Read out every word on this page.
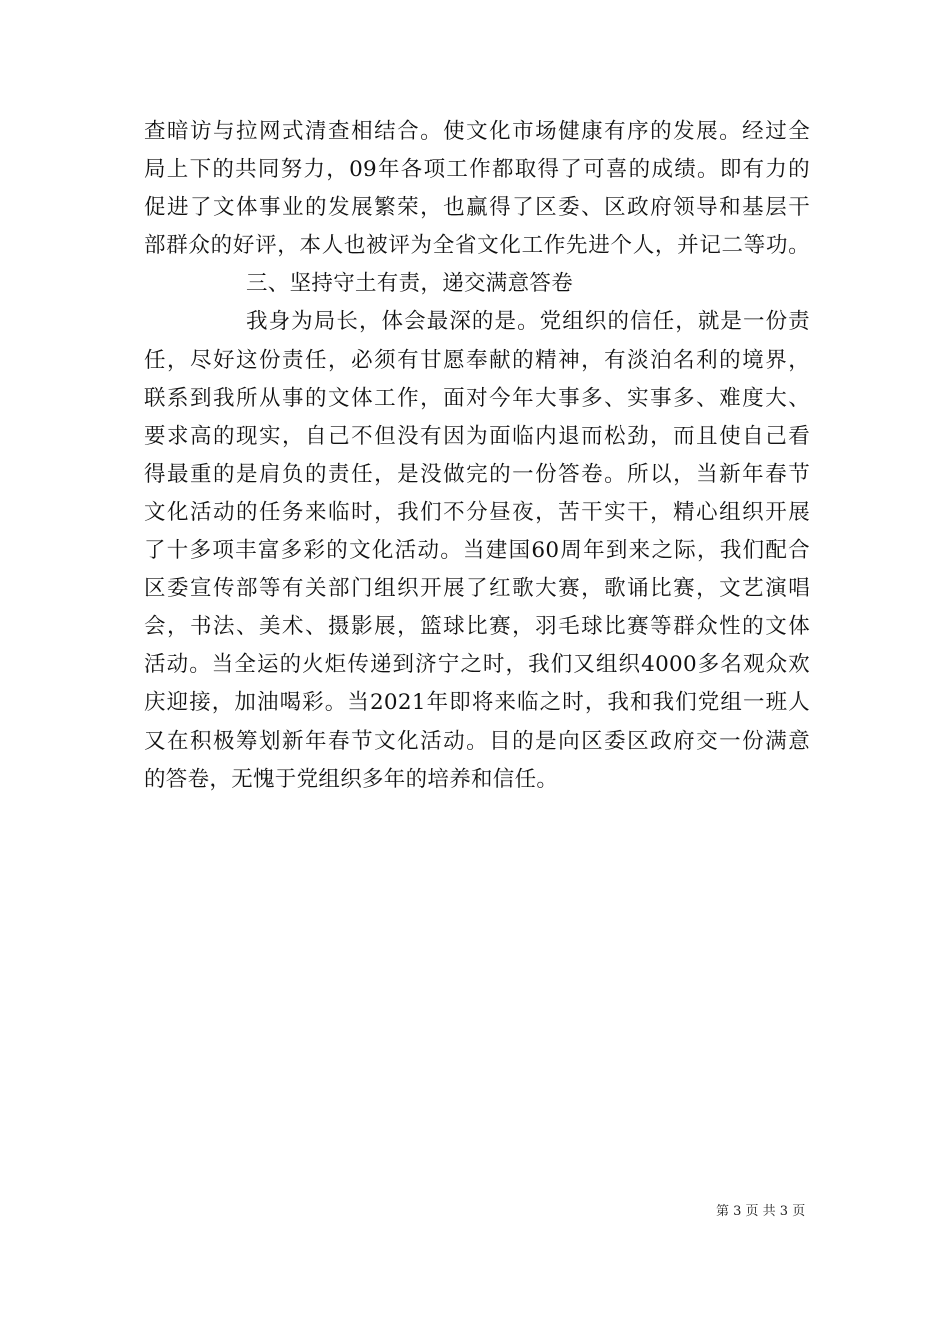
查暗访与拉网式清查相结合。使文化市场健康有序的发展。经过全
局上下的共同努力，09年各项工作都取得了可喜的成绩。即有力的
促进了文体事业的发展繁荣，也赢得了区委、区政府领导和基层干
部群众的好评，本人也被评为全省文化工作先进个人，并记二等功。
三、坚持守土有责，递交满意答卷
我身为局长，体会最深的是。党组织的信任，就是一份责
任，尽好这份责任，必须有甘愿奉献的精神，有淡泊名利的境界，
联系到我所从事的文体工作，面对今年大事多、实事多、难度大、
要求高的现实，自己不但没有因为面临内退而松劲，而且使自己看
得最重的是肩负的责任，是没做完的一份答卷。所以，当新年春节
文化活动的任务来临时，我们不分昼夜，苦干实干，精心组织开展
了十多项丰富多彩的文化活动。当建国60周年到来之际，我们配合
区委宣传部等有关部门组织开展了红歌大赛，歌诵比赛，文艺演唱
会，书法、美术、摄影展，篮球比赛，羽毛球比赛等群众性的文体
活动。当全运的火炬传递到济宁之时，我们又组织4000多名观众欢
庆迎接，加油喝彩。当2021年即将来临之时，我和我们党组一班人
又在积极筹划新年春节文化活动。目的是向区委区政府交一份满意
的答卷，无愧于党组织多年的培养和信任。
第 3 页 共 3 页
